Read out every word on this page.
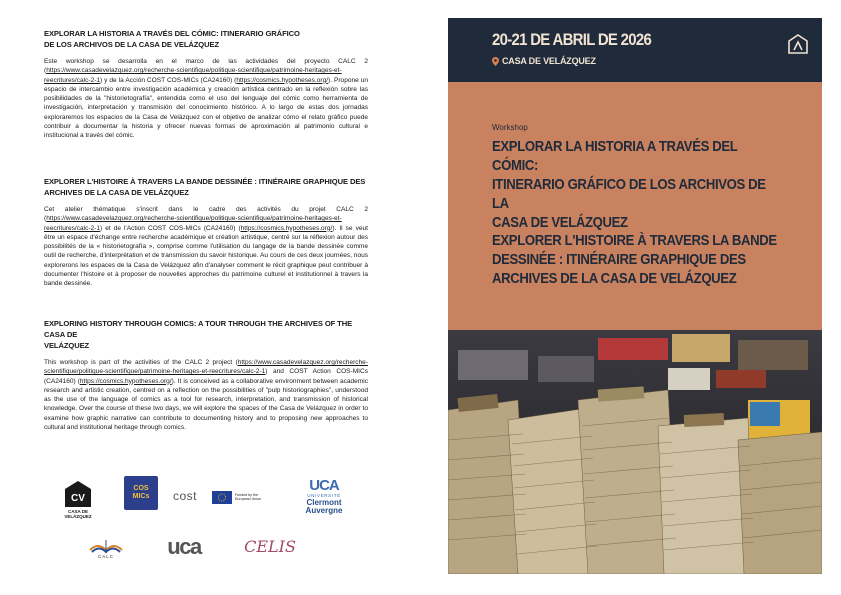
EXPLORAR LA HISTORIA A TRAVÉS DEL CÓMIC: ITINERARIO GRÁFICO
DE LOS ARCHIVOS DE LA CASA DE VELÁZQUEZ

Este workshop se desarrolla en el marco de las actividades del proyecto CALC 2 (https://www.casadevelazquez.org/recherche-scientifique/politique-scientifique/patrimoine-heritages-et-reecritures/calc-2-1) y de la Acción COST COS-MICs (CA24160) (https://cosmics.hypotheses.org/). Propone un espacio de intercambio entre investigación académica y creación artística centrado en la reflexión sobre las posibilidades de la "historietografía", entendida como el uso del lenguaje del cómic como herramienta de investigación, interpretación y transmisión del conocimiento histórico. A lo largo de estas dos jornadas exploraremos los espacios de la Casa de Velázquez con el objetivo de analizar cómo el relato gráfico puede contribuir a documentar la historia y ofrecer nuevas formas de aproximación al patrimonio cultural e institucional a través del cómic.

EXPLORER L'HISTOIRE À TRAVERS LA BANDE DESSINÉE : ITINÉRAIRE GRAPHIQUE DES
ARCHIVES DE LA CASA DE VELÁZQUEZ

Cet atelier thématique s'inscrit dans le cadre des activités du projet CALC 2 (https://www.casadevelazquez.org/recherche-scientifique/politique-scientifique/patrimoine-heritages-et-reecritures/calc-2-1) et de l'Action COST COS-MICs (CA24160) (https://cosmics.hypotheses.org/). Il se veut être un espace d'échange entre recherche académique et création artistique, centré sur la réflexion autour des possibilités de la « historietografía », comprise comme l'utilisation du langage de la bande dessinée comme outil de recherche, d'interprétation et de transmission du savoir historique. Au cours de ces deux journées, nous explorerons les espaces de la Casa de Velázquez afin d'analyser comment le récit graphique peut contribuer à documenter l'histoire et à proposer de nouvelles approches du patrimoine culturel et institutionnel à travers la bande dessinée.

EXPLORING HISTORY THROUGH COMICS: A TOUR THROUGH THE ARCHIVES OF THE CASA DE
VELÁZQUEZ

This workshop is part of the activities of the CALC 2 project (https://www.casadevelazquez.org/recherche-scientifique/politique-scientifique/patrimoine-heritages-et-reecritures/calc-2-1) and COST Action COS-MICs (CA24160) (https://cosmics.hypotheses.org/). It is conceived as a collaborative environment between academic research and artistic creation, centred on a reflection on the possibilities of "pulp historiographies", understood as the use of the language of comics as a tool for research, interpretation, and transmission of historical knowledge. Over the course of these two days, we will explore the spaces of the Casa de Velázquez in order to examine how graphic narrative can contribute to documenting history and to proposing new approaches to cultural and institutional heritage through comics.

CV
CASA DE VELÁZQUEZ
COS MICs	cost	Funded by the European Union
UCA
UNIVERSITÉ
Clermont
Auvergne
CALC uca	CELIS
20-21 DE ABRIL DE 2026
CASA DE VELÁZQUEZ
Workshop
EXPLORAR LA HISTORIA A TRAVÉS DEL CÓMIC:
ITINERARIO GRÁFICO DE LOS ARCHIVOS DE LA
CASA DE VELÁZQUEZ
EXPLORER L'HISTOIRE À TRAVERS LA BANDE
DESSINÉE : ITINÉRAIRE GRAPHIQUE DES
ARCHIVES DE LA CASA DE VELÁZQUEZ
